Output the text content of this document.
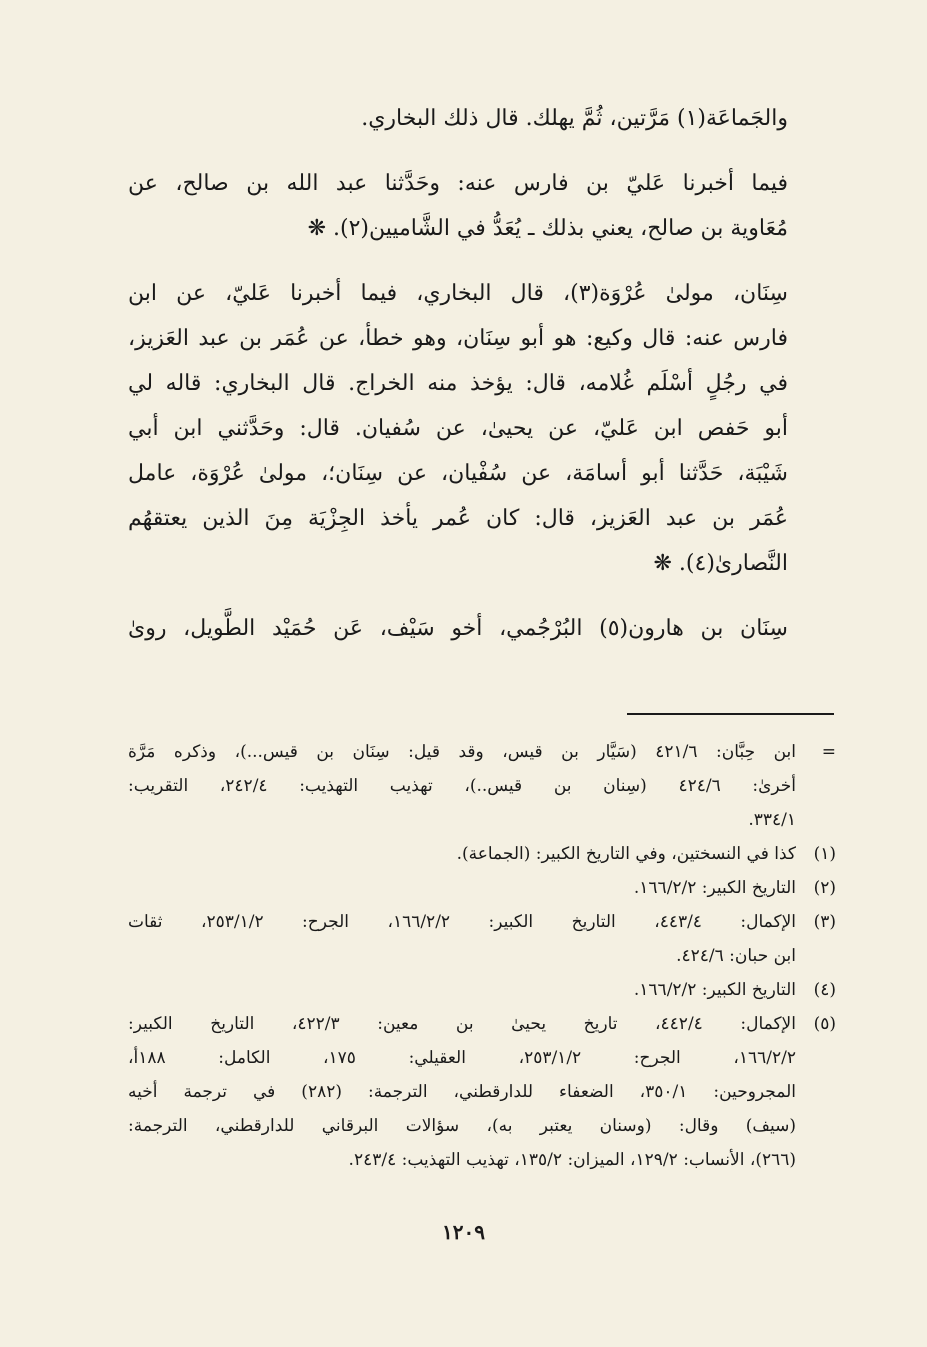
والجَماعَة(١) مَرَّتين، ثُمَّ يهلك. قال ذلك البخاري.
فيما أخبرنا عَليّ بن فارس عنه: وحَدَّثنا عبد الله بن صالح، عن
مُعَاوية بن صالح، يعني بذلك ـ يُعَدُّ في الشَّاميين(٢). ❋
سِنَان، مولىٰ عُرْوَة(٣)، قال البخاري، فيما أخبرنا عَليّ، عن ابن
فارس عنه: قال وكيع: هو أبو سِنَان، وهو خطأ، عن عُمَر بن عبد العَزيز،
في رجُلٍ أسْلَم غُلامه، قال: يؤخذ منه الخراج. قال البخاري: قاله لي
أبو حَفص ابن عَليّ، عن يحيىٰ، عن سُفيان. قال: وحَدَّثني ابن أبي
شَيْبَة، حَدَّثنا أبو أسامَة، عن سُفْيان، عن سِنَان؛، مولىٰ عُرْوَة، عامل
عُمَر بن عبد العَزيز، قال: كان عُمر يأخذ الجِزْيَة مِنَ الذين يعتقهُم
النَّصارىٰ(٤). ❋
سِنَان بن هارون(٥) البُرْجُمي، أخو سَيْف، عَن حُمَيْد الطَّويل، روىٰ
=
ابن حِبَّان: ٤٢١/٦ (سَيَّار بن قيس، وقد قيل: سِنَان بن قيس...)، وذكره مَرَّة
أخرىٰ: ٤٢٤/٦ (سِنان بن قيس..)، تهذيب التهذيب: ٢٤٢/٤، التقريب:
٣٣٤/١.
(١)
كذا في النسختين، وفي التاريخ الكبير: (الجماعة).
(٢)
التاريخ الكبير: ١٦٦/٢/٢.
(٣)
الإكمال: ٤٤٣/٤، التاريخ الكبير: ١٦٦/٢/٢، الجرح: ٢٥٣/١/٢، ثقات
ابن حبان: ٤٢٤/٦.
(٤)
التاريخ الكبير: ١٦٦/٢/٢.
(٥)
الإكمال: ٤٤٢/٤، تاريخ يحيىٰ بن معين: ٤٢٢/٣، التاريخ الكبير:
١٦٦/٢/٢، الجرح: ٢٥٣/١/٢، العقيلي: ١٧٥، الكامل: ١٨٨أ،
المجروحين: ٣٥٠/١، الضعفاء للدارقطني، الترجمة: (٢٨٢) في ترجمة أخيه
(سيف) وقال: (وسنان يعتبر به)، سؤالات البرقاني للدارقطني، الترجمة:
(٢٦٦)، الأنساب: ١٢٩/٢، الميزان: ١٣٥/٢، تهذيب التهذيب: ٢٤٣/٤.
١٢٠٩
